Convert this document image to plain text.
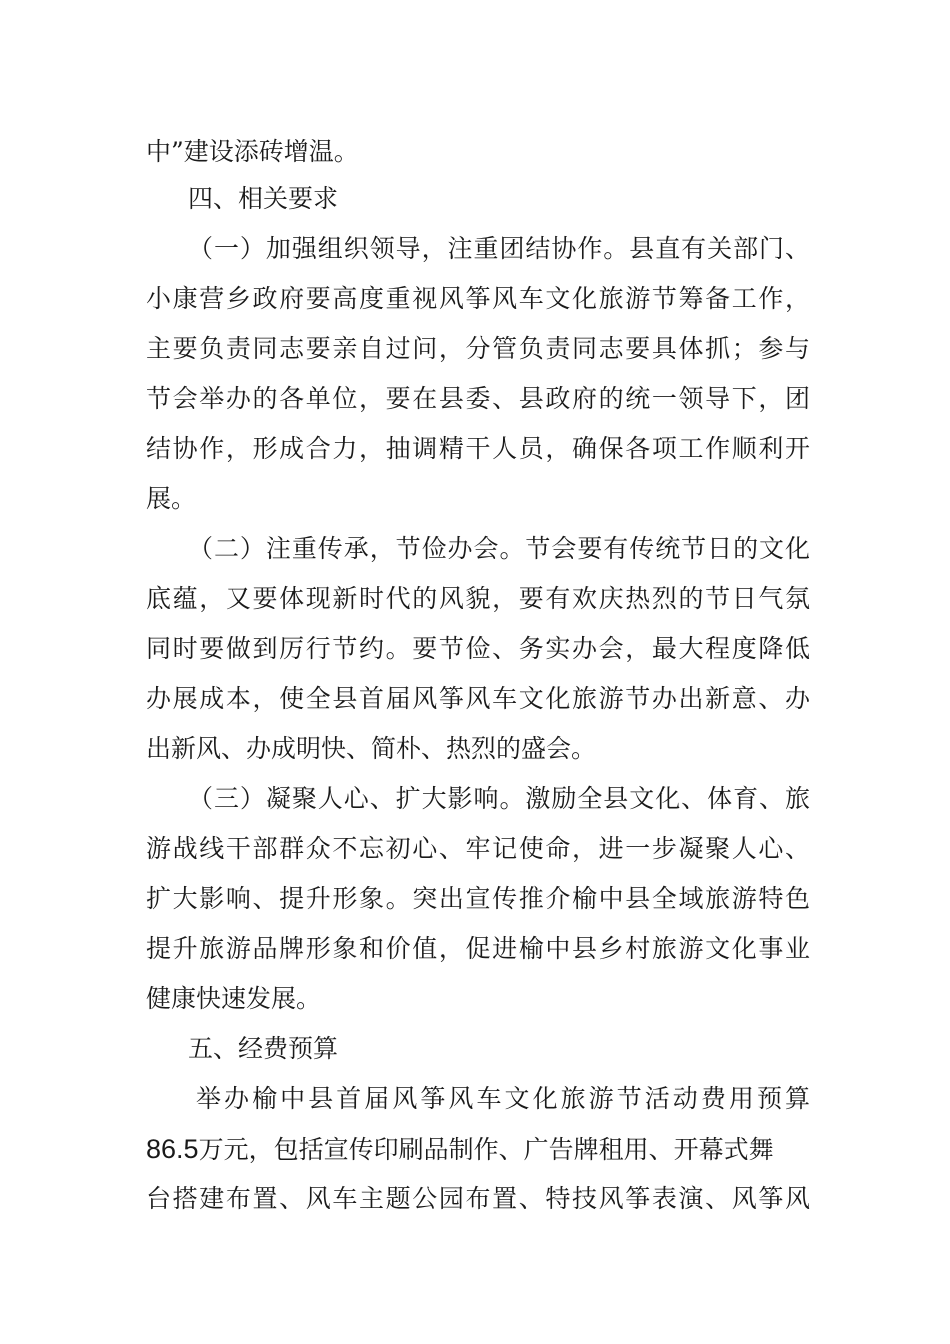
中”建设添砖增温。
四、相关要求
（一）加强组织领导，注重团结协作。县直有关部门、
小康营乡政府要高度重视风筝风车文化旅游节筹备工作，
主要负责同志要亲自过问，分管负责同志要具体抓；参与
节会举办的各单位，要在县委、县政府的统一领导下，团
结协作，形成合力，抽调精干人员，确保各项工作顺利开
展。
（二）注重传承，节俭办会。节会要有传统节日的文化
底蕴，又要体现新时代的风貌，要有欢庆热烈的节日气氛
同时要做到厉行节约。要节俭、务实办会，最大程度降低
办展成本，使全县首届风筝风车文化旅游节办出新意、办
出新风、办成明快、简朴、热烈的盛会。
（三）凝聚人心、扩大影响。激励全县文化、体育、旅
游战线干部群众不忘初心、牢记使命，进一步凝聚人心、
扩大影响、提升形象。突出宣传推介榆中县全域旅游特色
提升旅游品牌形象和价值，促进榆中县乡村旅游文化事业
健康快速发展。
五、经费预算
举办榆中县首届风筝风车文化旅游节活动费用预算
86.5万元，包括宣传印刷品制作、广告牌租用、开幕式舞
台搭建布置、风车主题公园布置、特技风筝表演、风筝风
